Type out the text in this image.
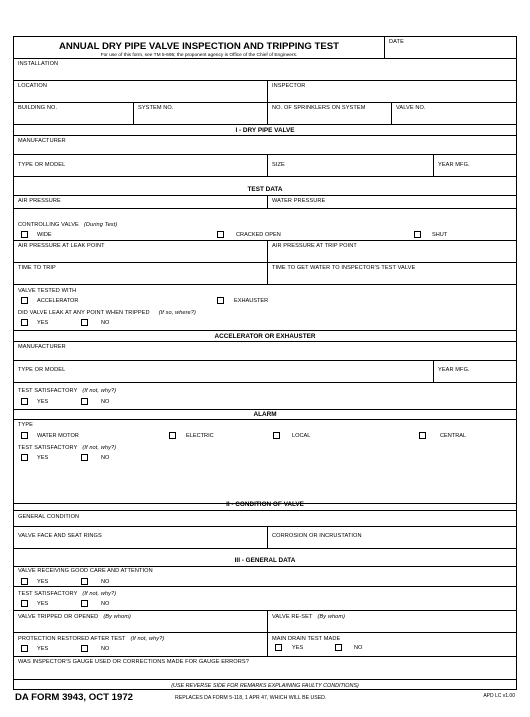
ANNUAL DRY PIPE VALVE INSPECTION AND TRIPPING TEST
For use of this form, see TM 5-695; the proponent agency is Office of the Chief of Engineers.
DATE
INSTALLATION
LOCATION	INSPECTOR
BUILDING NO.	SYSTEM NO.	NO. OF SPRINKLERS ON SYSTEM	VALVE NO.
I - DRY PIPE VALVE
MANUFACTURER
TYPE OR MODEL	SIZE	YEAR MFG.
TEST DATA
AIR PRESSURE	WATER PRESSURE
CONTROLLING VALVE (During Test)
WIDE	CRACKED OPEN	SHUT
AIR PRESSURE AT LEAK POINT	AIR PRESSURE AT TRIP POINT
TIME TO TRIP	TIME TO GET WATER TO INSPECTOR'S TEST VALVE
VALVE TESTED WITH
ACCELERATOR	EXHAUSTER
DID VALVE LEAK AT ANY POINT WHEN TRIPPED (If so, where?)
YES	NO
ACCELERATOR OR EXHAUSTER
MANUFACTURER
TYPE OR MODEL	YEAR MFG.
TEST SATISFACTORY (If not, why?)
YES	NO
ALARM
TYPE
WATER MOTOR	ELECTRIC	LOCAL	CENTRAL
TEST SATISFACTORY (If not, why?)
YES	NO
II - CONDITION OF VALVE
GENERAL CONDITION
VALVE FACE AND SEAT RINGS	CORROSION OR INCRUSTATION
III - GENERAL DATA
VALVE RECEIVING GOOD CARE AND ATTENTION
YES	NO
TEST SATISFACTORY (If not, why?)
YES	NO
VALVE TRIPPED OR OPENED (By whom)	VALVE RE-SET (By whom)
PROTECTION RESTORED AFTER TEST (If not, why?)
YES	NO
MAIN DRAIN TEST MADE
YES	NO
WAS INSPECTOR'S GAUGE USED OR CORRECTIONS MADE FOR GAUGE ERRORS?
(USE REVERSE SIDE FOR REMARKS EXPLAINING FAULTY CONDITIONS)
DA FORM 3943, OCT 1972	REPLACES DA FORM 5-118, 1 APR 47, WHICH WILL BE USED.	APD LC v1.00
